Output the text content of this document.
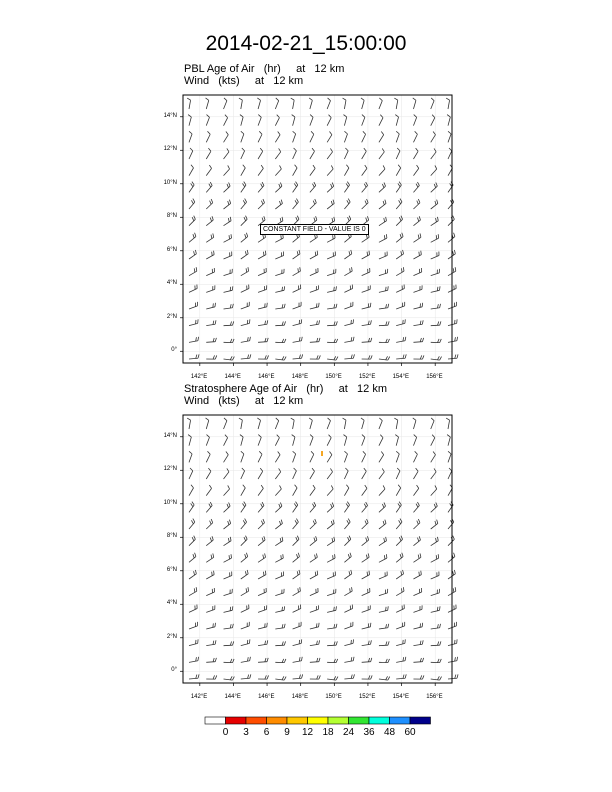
2014-02-21_15:00:00
PBL Age of Air   (hr)     at   12 km
Wind   (kts)     at   12 km
Stratosphere Age of Air   (hr)     at   12 km
Wind   (kts)     at   12 km
142°E	144°E	146°E	148°E	150°E	152°E	154°E	156°E
0°
2°N
4°N
6°N
8°N
10°N
12°N
14°N
CONSTANT FIELD - VALUE IS 0
142°E	144°E	146°E	148°E	150°E	152°E	154°E	156°E
0°
2°N
4°N
6°N
8°N
10°N
12°N
14°N
0	3	6	9	12 18 24 36 48 60
